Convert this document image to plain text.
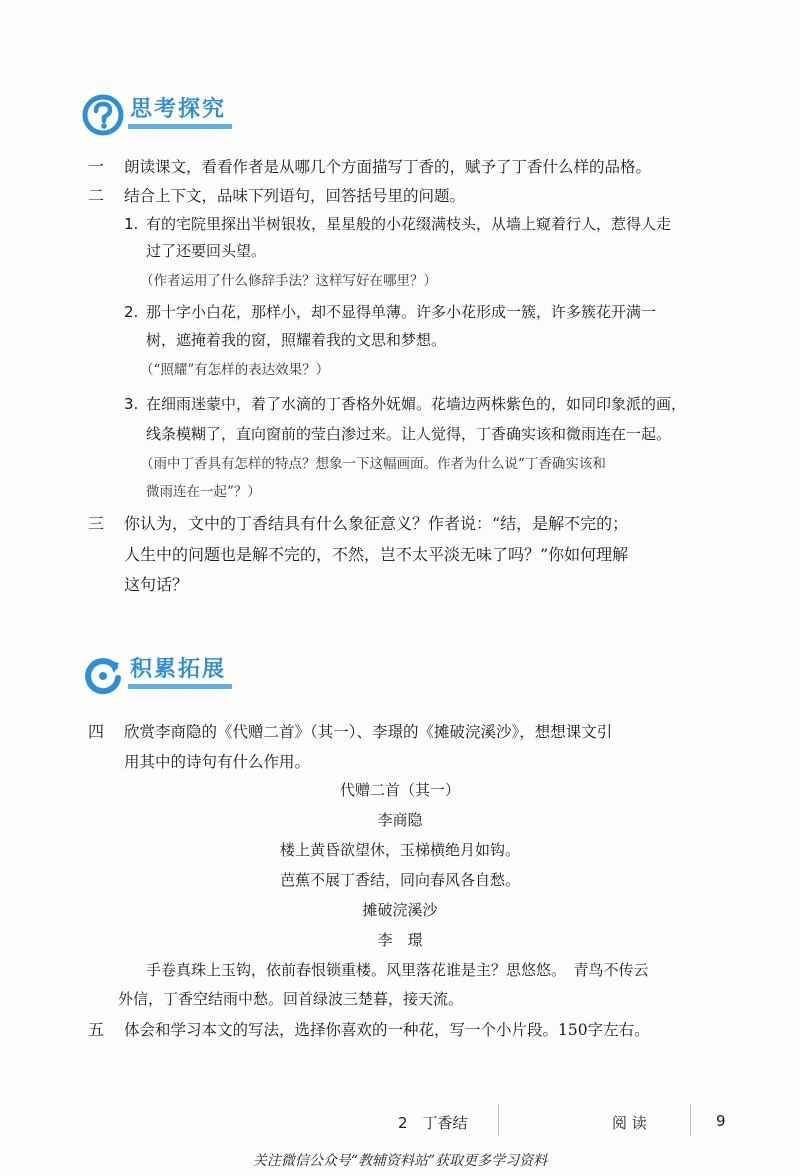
思考探究
一 朗读课文，看看作者是从哪几个方面描写丁香的，赋予了丁香什么样的品格。
二 结合上下文，品味下列语句，回答括号里的问题。
1. 有的宅院里探出半树银妆，星星般的小花缀满枝头，从墙上窥着行人，惹得人走
过了还要回头望。
（作者运用了什么修辞手法？这样写好在哪里？）
2. 那十字小白花，那样小，却不显得单薄。许多小花形成一簇，许多簇花开满一
树，遮掩着我的窗，照耀着我的文思和梦想。
（“照耀”有怎样的表达效果？）
3. 在细雨迷蒙中，着了水滴的丁香格外妩媚。花墙边两株紫色的，如同印象派的画，
线条模糊了，直向窗前的莹白渗过来。让人觉得，丁香确实该和微雨连在一起。
（雨中丁香具有怎样的特点？想象一下这幅画面。作者为什么说“丁香确实该和
微雨连在一起”？）
三 你认为，文中的丁香结具有什么象征意义？作者说：“结，是解不完的；
人生中的问题也是解不完的，不然，岂不太平淡无味了吗？”你如何理解
这句话？
积累拓展
四 欣赏李商隐的《代赠二首》（其一）、李璟的《摊破浣溪沙》，想想课文引
用其中的诗句有什么作用。
代赠二首（其一）
李商隐
楼上黄昏欲望休，玉梯横绝月如钩。
芭蕉不展丁香结，同向春风各自愁。
摊破浣溪沙
李　璟
手卷真珠上玉钩，依前春恨锁重楼。风里落花谁是主？思悠悠。　青鸟不传云
外信，丁香空结雨中愁。回首绿波三楚暮，接天流。
五 体会和学习本文的写法，选择你喜欢的一种花，写一个小片段。150字左右。
2　丁香结	阅 读	9
关注微信公众号“教辅资料站”获取更多学习资料
